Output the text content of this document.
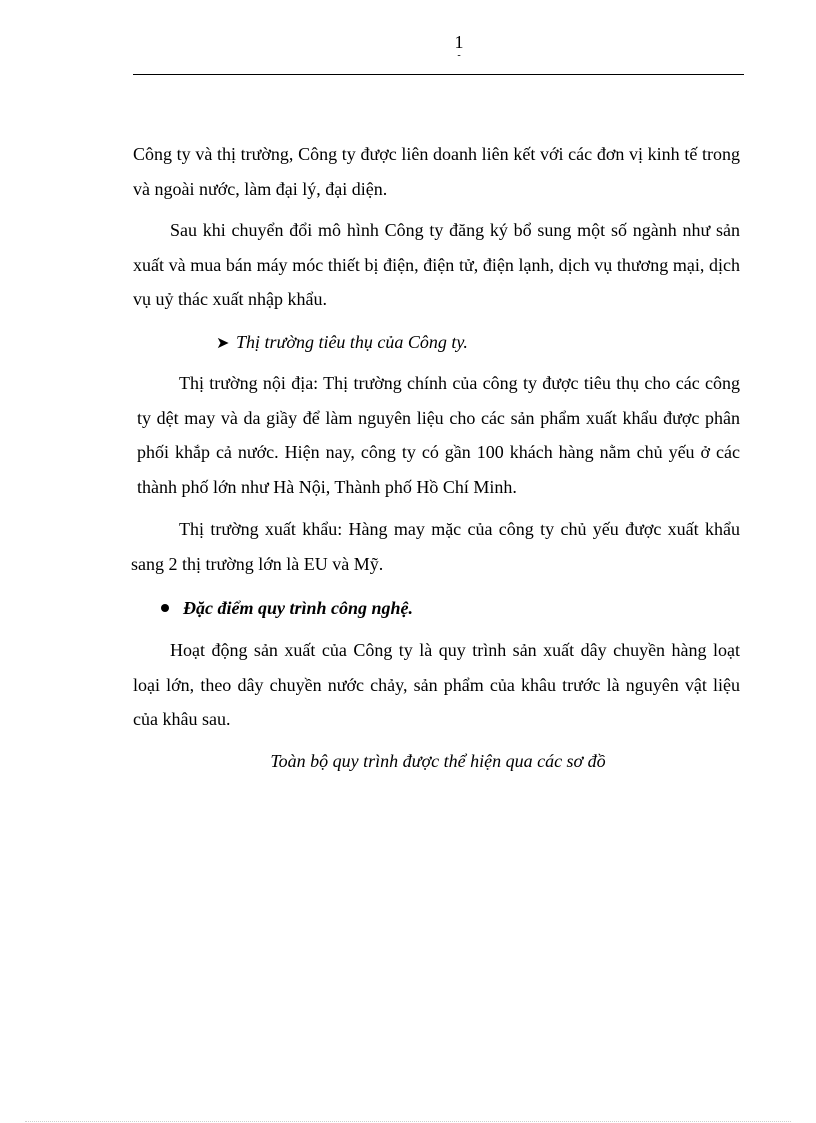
1
-

Công ty và thị trường, Công ty được liên doanh liên kết với các đơn vị kinh tế trong và ngoài nước, làm đại lý, đại diện.

Sau khi chuyển đổi mô hình Công ty đăng ký bổ sung một số ngành như sản xuất và mua bán máy móc thiết bị điện, điện tử, điện lạnh, dịch vụ thương mại, dịch vụ uỷ thác xuất nhập khẩu.

➤ Thị trường tiêu thụ của Công ty.

Thị trường nội địa: Thị trường chính của công ty được tiêu thụ cho các công ty dệt may và da giầy để làm nguyên liệu cho các sản phẩm xuất khẩu được phân phối khắp cả nước. Hiện nay, công ty có gần 100 khách hàng nằm chủ yếu ở các thành phố lớn như Hà Nội, Thành phố Hồ Chí Minh.

Thị trường xuất khẩu: Hàng may mặc của công ty chủ yếu được xuất khẩu sang 2 thị trường lớn là EU và Mỹ.

Đặc điểm quy trình công nghệ.

Hoạt động sản xuất của Công ty là quy trình sản xuất dây chuyền hàng loạt loại lớn, theo dây chuyền nước chảy, sản phẩm của khâu trước là nguyên vật liệu của khâu sau.

Toàn bộ quy trình được thể hiện qua các sơ đồ
